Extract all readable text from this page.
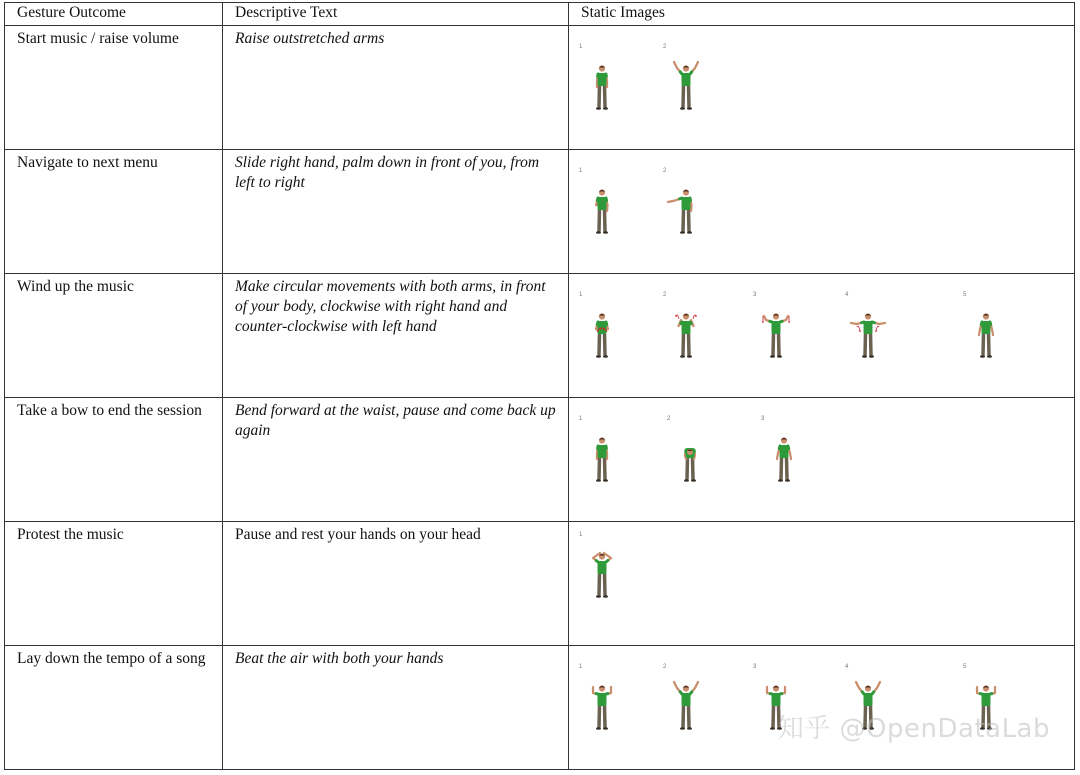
Gesture Outcome	Descriptive Text	Static Images
Start music / raise volume	Raise outstretched arms	1 2

Navigate to next menu	Slide right hand, palm down in front of you, from left to right	1 2

Wind up the music	Make circular movements with both arms, in front of your body, clockwise with right hand and counter-clockwise with left hand	1 2 3 4 5

Take a bow to end the session	Bend forward at the waist, pause and come back up again	1 2 3

Protest the music	Pause and rest your hands on your head	1

Lay down the tempo of a song	Beat the air with both your hands	1 2 3 4 5
知乎 @OpenDataLab
